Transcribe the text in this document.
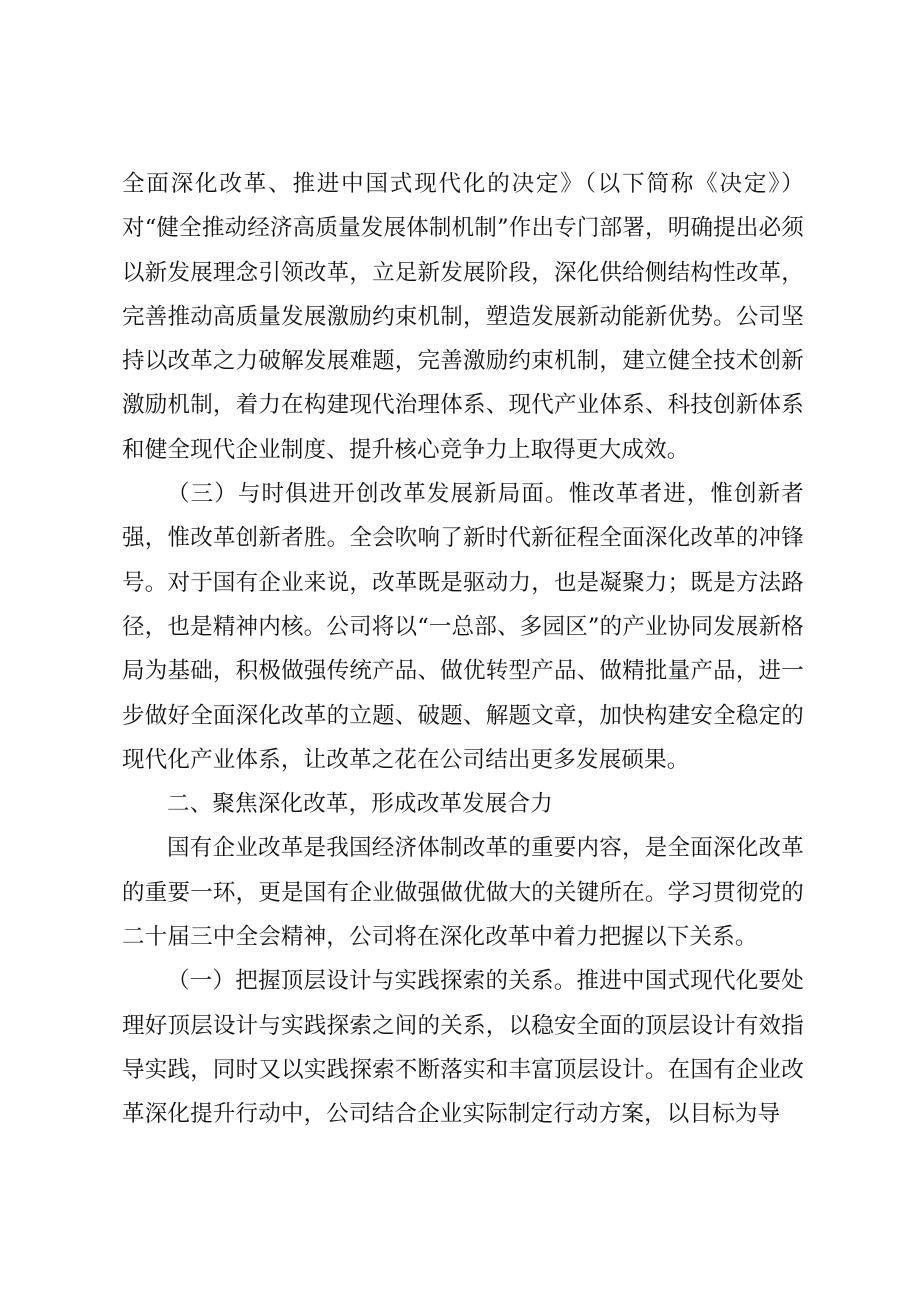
全面深化改革、推进中国式现代化的决定》（以下简称《决定》）对“健全推动经济高质量发展体制机制”作出专门部署，明确提出必须以新发展理念引领改革，立足新发展阶段，深化供给侧结构性改革，完善推动高质量发展激励约束机制，塑造发展新动能新优势。公司坚持以改革之力破解发展难题，完善激励约束机制，建立健全技术创新激励机制，着力在构建现代治理体系、现代产业体系、科技创新体系和健全现代企业制度、提升核心竞争力上取得更大成效。

（三）与时俱进开创改革发展新局面。惟改革者进，惟创新者强，惟改革创新者胜。全会吹响了新时代新征程全面深化改革的冲锋号。对于国有企业来说，改革既是驱动力，也是凝聚力；既是方法路径，也是精神内核。公司将以“一总部、多园区”的产业协同发展新格局为基础，积极做强传统产品、做优转型产品、做精批量产品，进一步做好全面深化改革的立题、破题、解题文章，加快构建安全稳定的现代化产业体系，让改革之花在公司结出更多发展硕果。

二、聚焦深化改革，形成改革发展合力

国有企业改革是我国经济体制改革的重要内容，是全面深化改革的重要一环，更是国有企业做强做优做大的关键所在。学习贯彻党的二十届三中全会精神，公司将在深化改革中着力把握以下关系。

（一）把握顶层设计与实践探索的关系。推进中国式现代化要处理好顶层设计与实践探索之间的关系，以稳安全面的顶层设计有效指导实践，同时又以实践探索不断落实和丰富顶层设计。在国有企业改革深化提升行动中，公司结合企业实际制定行动方案，以目标为导
